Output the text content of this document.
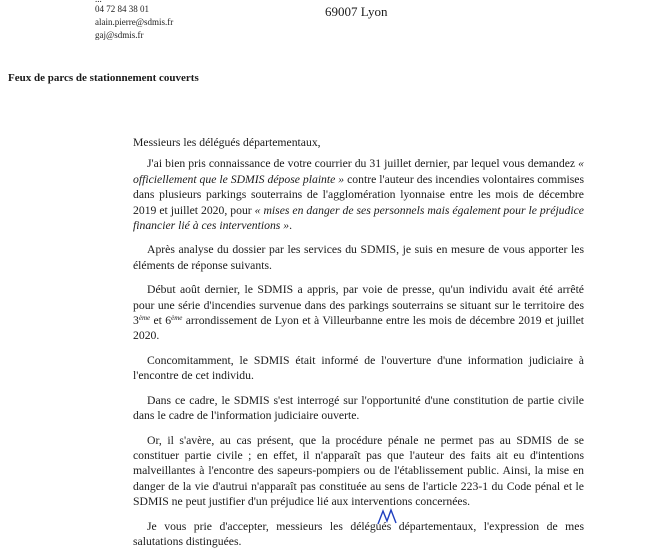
04 72 84 38 01
alain.pierre@sdmis.fr
gaj@sdmis.fr
69007 Lyon
Feux de parcs de stationnement couverts

Messieurs les délégués départementaux,

J'ai bien pris connaissance de votre courrier du 31 juillet dernier, par lequel vous demandez « officiellement que le SDMIS dépose plainte » contre l'auteur des incendies volontaires commises dans plusieurs parkings souterrains de l'agglomération lyonnaise entre les mois de décembre 2019 et juillet 2020, pour « mises en danger de ses personnels mais également pour le préjudice financier lié à ces interventions ».

Après analyse du dossier par les services du SDMIS, je suis en mesure de vous apporter les éléments de réponse suivants.

Début août dernier, le SDMIS a appris, par voie de presse, qu'un individu avait été arrêté pour une série d'incendies survenue dans des parkings souterrains se situant sur le territoire des 3ème et 6ème arrondissement de Lyon et à Villeurbanne entre les mois de décembre 2019 et juillet 2020.

Concomitamment, le SDMIS était informé de l'ouverture d'une information judiciaire à l'encontre de cet individu.

Dans ce cadre, le SDMIS s'est interrogé sur l'opportunité d'une constitution de partie civile dans le cadre de l'information judiciaire ouverte.

Or, il s'avère, au cas présent, que la procédure pénale ne permet pas au SDMIS de se constituer partie civile ; en effet, il n'apparaît pas que l'auteur des faits ait eu d'intentions malveillantes à l'encontre des sapeurs-pompiers ou de l'établissement public. Ainsi, la mise en danger de la vie d'autrui n'apparaît pas constituée au sens de l'article 223-1 du Code pénal et le SDMIS ne peut justifier d'un préjudice lié aux interventions concernées.

Je vous prie d'accepter, messieurs les délégués départementaux, l'expression de mes salutations distinguées.
